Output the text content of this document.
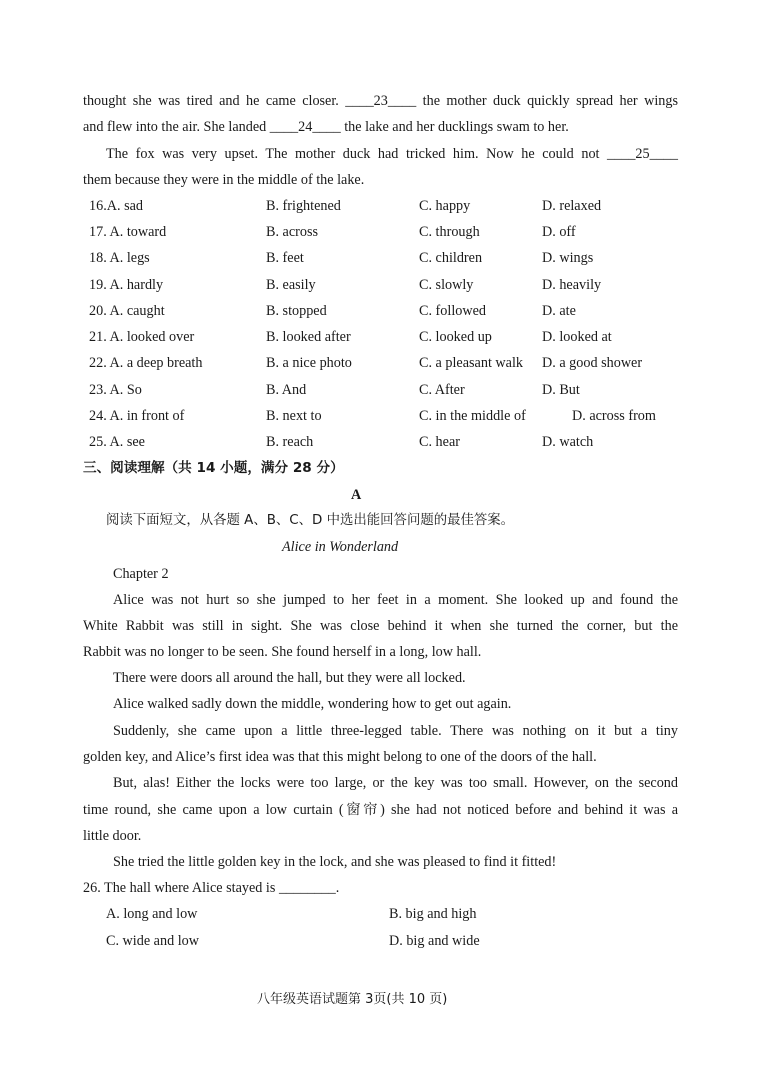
thought she was tired and he came closer. ____23____ the mother duck quickly spread her wings
and flew into the air. She landed ____24____ the lake and her ducklings swam to her.
The fox was very upset. The mother duck had tricked him. Now he could not ____25____
them because they were in the middle of the lake.
16.A. sad	B. frightened	C. happy	D. relaxed
17. A. toward	B. across	C. through	D. off
18. A. legs	B. feet	C. children	D. wings
19. A. hardly	B. easily	C. slowly	D. heavily
20. A. caught	B. stopped	C. followed	D. ate
21. A. looked over	B. looked after	C. looked up	D. looked at
22. A. a deep breath	B. a nice photo	C. a pleasant walk D. a good shower
23. A. So	B. And	C. After	D. But
24. A. in front of	B. next to	C. in the middle of	D. across from
25. A. see	B. reach	C. hear	D. watch
三、阅读理解（共 14 小题，满分 28 分）
A
阅读下面短文，从各题 A、B、C、D 中选出能回答问题的最佳答案。
Alice in Wonderland
Chapter 2
Alice was not hurt so she jumped to her feet in a moment. She looked up and found the
White Rabbit was still in sight. She was close behind it when she turned the corner, but the
Rabbit was no longer to be seen. She found herself in a long, low hall.
There were doors all around the hall, but they were all locked.
Alice walked sadly down the middle, wondering how to get out again.
Suddenly, she came upon a little three-legged table. There was nothing on it but a tiny
golden key, and Alice’s first idea was that this might belong to one of the doors of the hall.
But, alas! Either the locks were too large, or the key was too small. However, on the second
time round, she came upon a low curtain (窗帘) she had not noticed before and behind it was a
little door.
She tried the little golden key in the lock, and she was pleased to find it fitted!
26. The hall where Alice stayed is ________.
A. long and low	B. big and high
C. wide and low	D. big and wide
八年级英语试题第 3页(共 10 页)
